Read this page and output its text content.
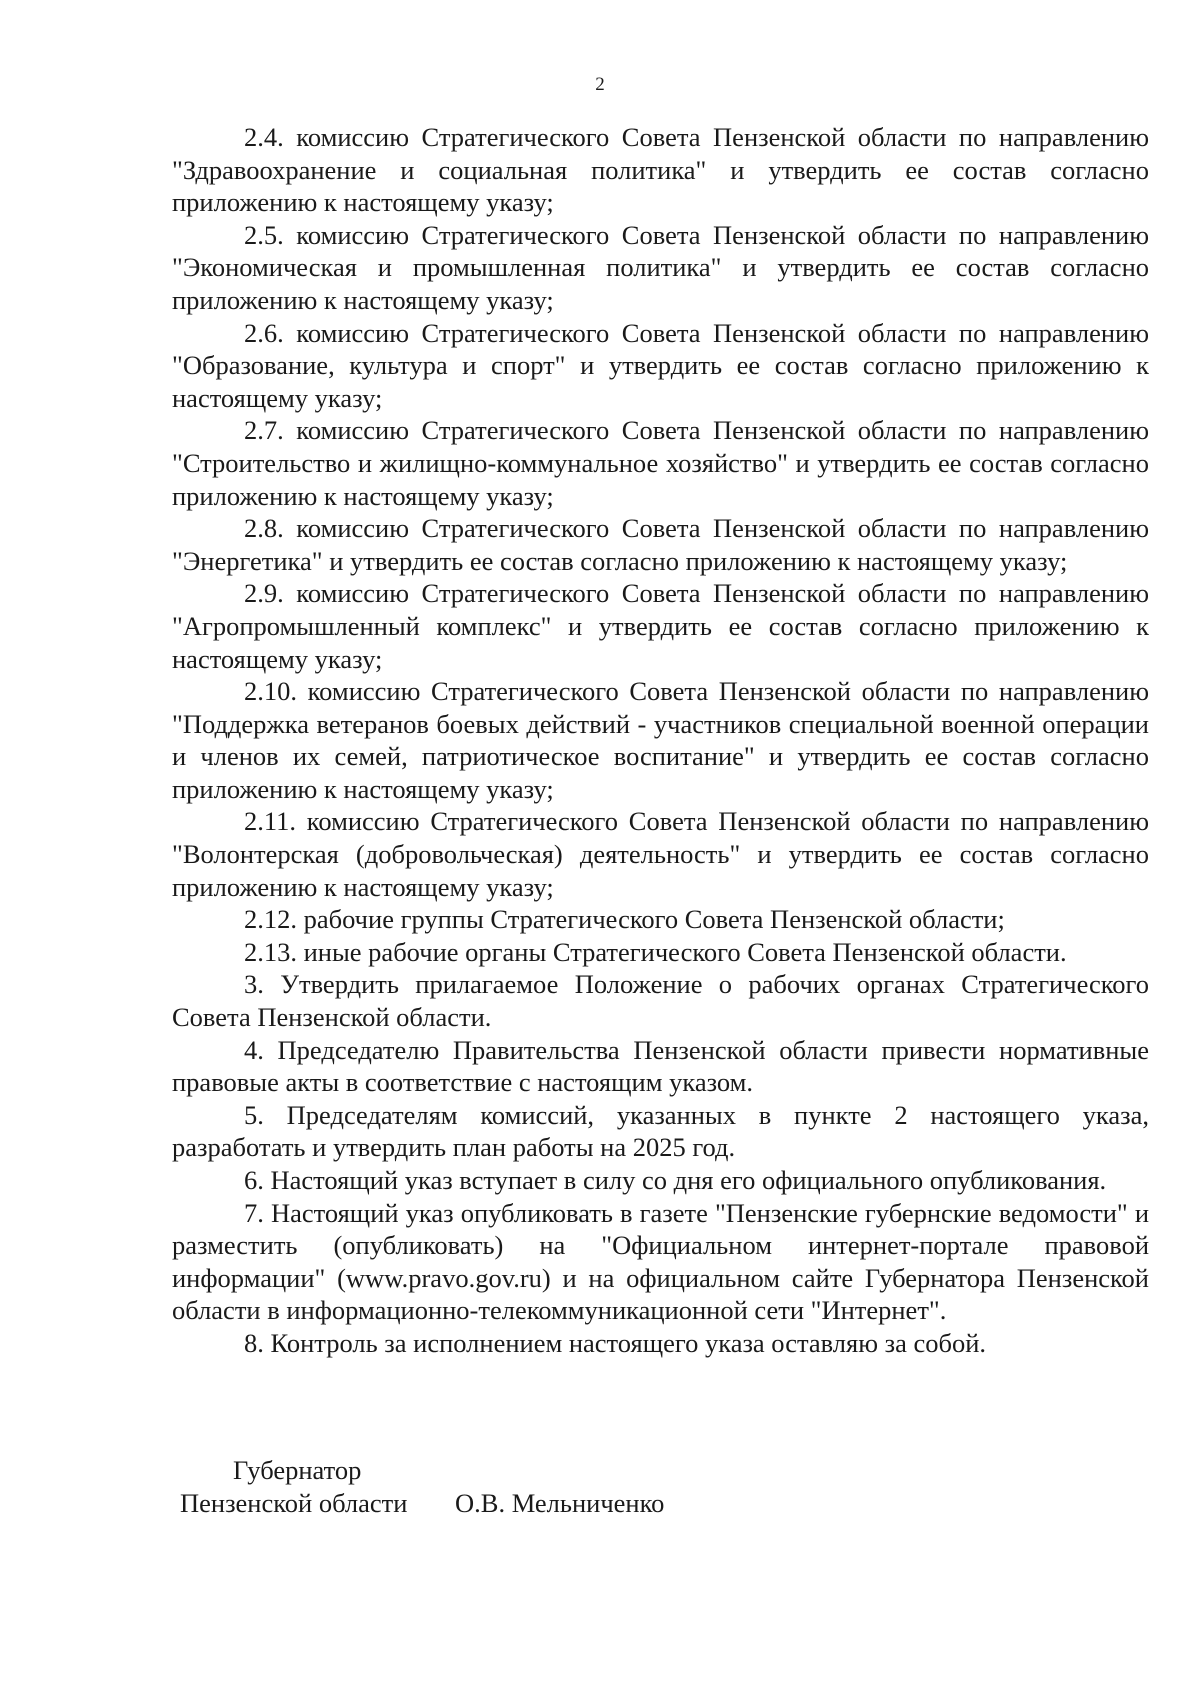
2

2.4. комиссию Стратегического Совета Пензенской области по направлению "Здравоохранение и социальная политика" и утвердить ее состав согласно приложению к настоящему указу;

2.5. комиссию Стратегического Совета Пензенской области по направлению "Экономическая и промышленная политика" и утвердить ее состав согласно приложению к настоящему указу;

2.6. комиссию Стратегического Совета Пензенской области по направлению "Образование, культура и спорт" и утвердить ее состав согласно приложению к настоящему указу;

2.7. комиссию Стратегического Совета Пензенской области по направлению "Строительство и жилищно-коммунальное хозяйство" и утвердить ее состав согласно приложению к настоящему указу;

2.8. комиссию Стратегического Совета Пензенской области по направлению "Энергетика" и утвердить ее состав согласно приложению к настоящему указу;

2.9. комиссию Стратегического Совета Пензенской области по направлению "Агропромышленный комплекс" и утвердить ее состав согласно приложению к настоящему указу;

2.10. комиссию Стратегического Совета Пензенской области по направлению "Поддержка ветеранов боевых действий - участников специальной военной операции и членов их семей, патриотическое воспитание" и утвердить ее состав согласно приложению к настоящему указу;

2.11. комиссию Стратегического Совета Пензенской области по направлению "Волонтерская (добровольческая) деятельность" и утвердить ее состав согласно приложению к настоящему указу;

2.12. рабочие группы Стратегического Совета Пензенской области;

2.13. иные рабочие органы Стратегического Совета Пензенской области.

3. Утвердить прилагаемое Положение о рабочих органах Стратегического Совета Пензенской области.

4. Председателю Правительства Пензенской области привести нормативные правовые акты в соответствие с настоящим указом.

5. Председателям комиссий, указанных в пункте 2 настоящего указа, разработать и утвердить план работы на 2025 год.

6. Настоящий указ вступает в силу со дня его официального опубликования.

7. Настоящий указ опубликовать в газете "Пензенские губернские ведомости" и разместить (опубликовать) на "Официальном интернет-портале правовой информации" (www.pravo.gov.ru) и на официальном сайте Губернатора Пензенской области в информационно-телекоммуникационной сети "Интернет".

8. Контроль за исполнением настоящего указа оставляю за собой.

Губернатор
Пензенской области О.В. Мельниченко
